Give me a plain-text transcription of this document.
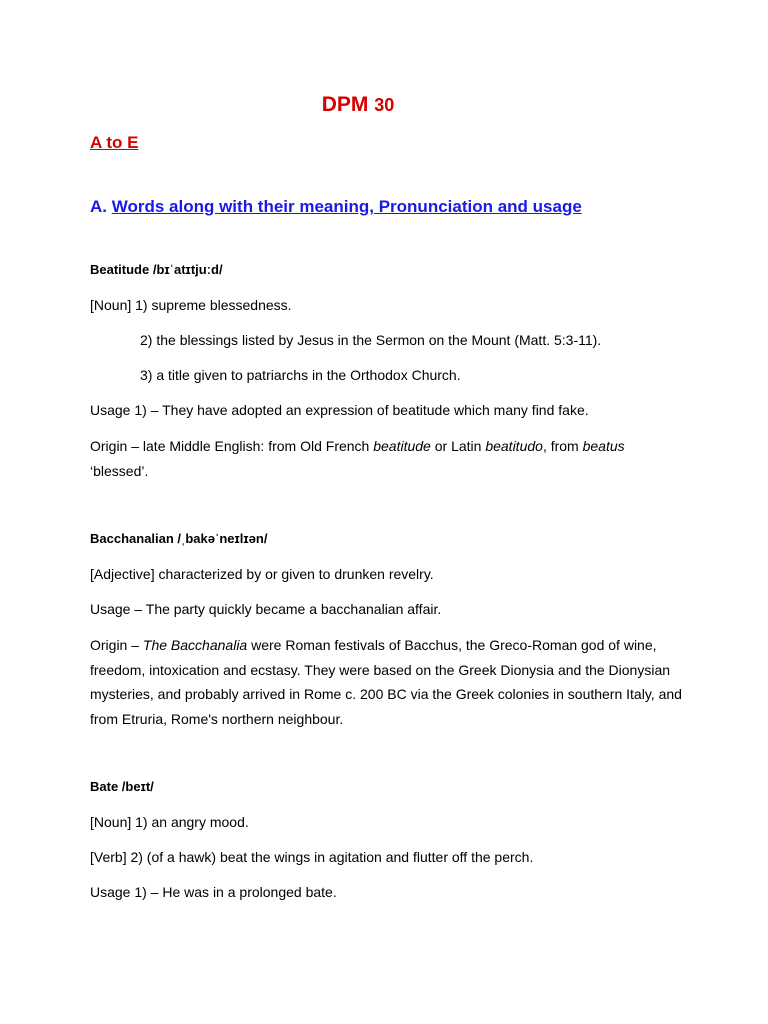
DPM 30
A to E
A. Words along with their meaning, Pronunciation and usage
Beatitude /bɪˈatɪtjuːd/
[Noun] 1) supreme blessedness.
2) the blessings listed by Jesus in the Sermon on the Mount (Matt. 5:3-11).
3) a title given to patriarchs in the Orthodox Church.
Usage 1) – They have adopted an expression of beatitude which many find fake.
Origin – late Middle English: from Old French beatitude or Latin beatitudo, from beatus
‘blessed’.
Bacchanalian /ˌbakəˈneɪlɪən/
[Adjective] characterized by or given to drunken revelry.
Usage – The party quickly became a bacchanalian affair.
Origin – The Bacchanalia were Roman festivals of Bacchus, the Greco-Roman god of wine, freedom, intoxication and ecstasy. They were based on the Greek Dionysia and the Dionysian mysteries, and probably arrived in Rome c. 200 BC via the Greek colonies in southern Italy, and from Etruria, Rome's northern neighbour.
Bate /beɪt/
[Noun] 1) an angry mood.
[Verb] 2) (of a hawk) beat the wings in agitation and flutter off the perch.
Usage 1) – He was in a prolonged bate.
